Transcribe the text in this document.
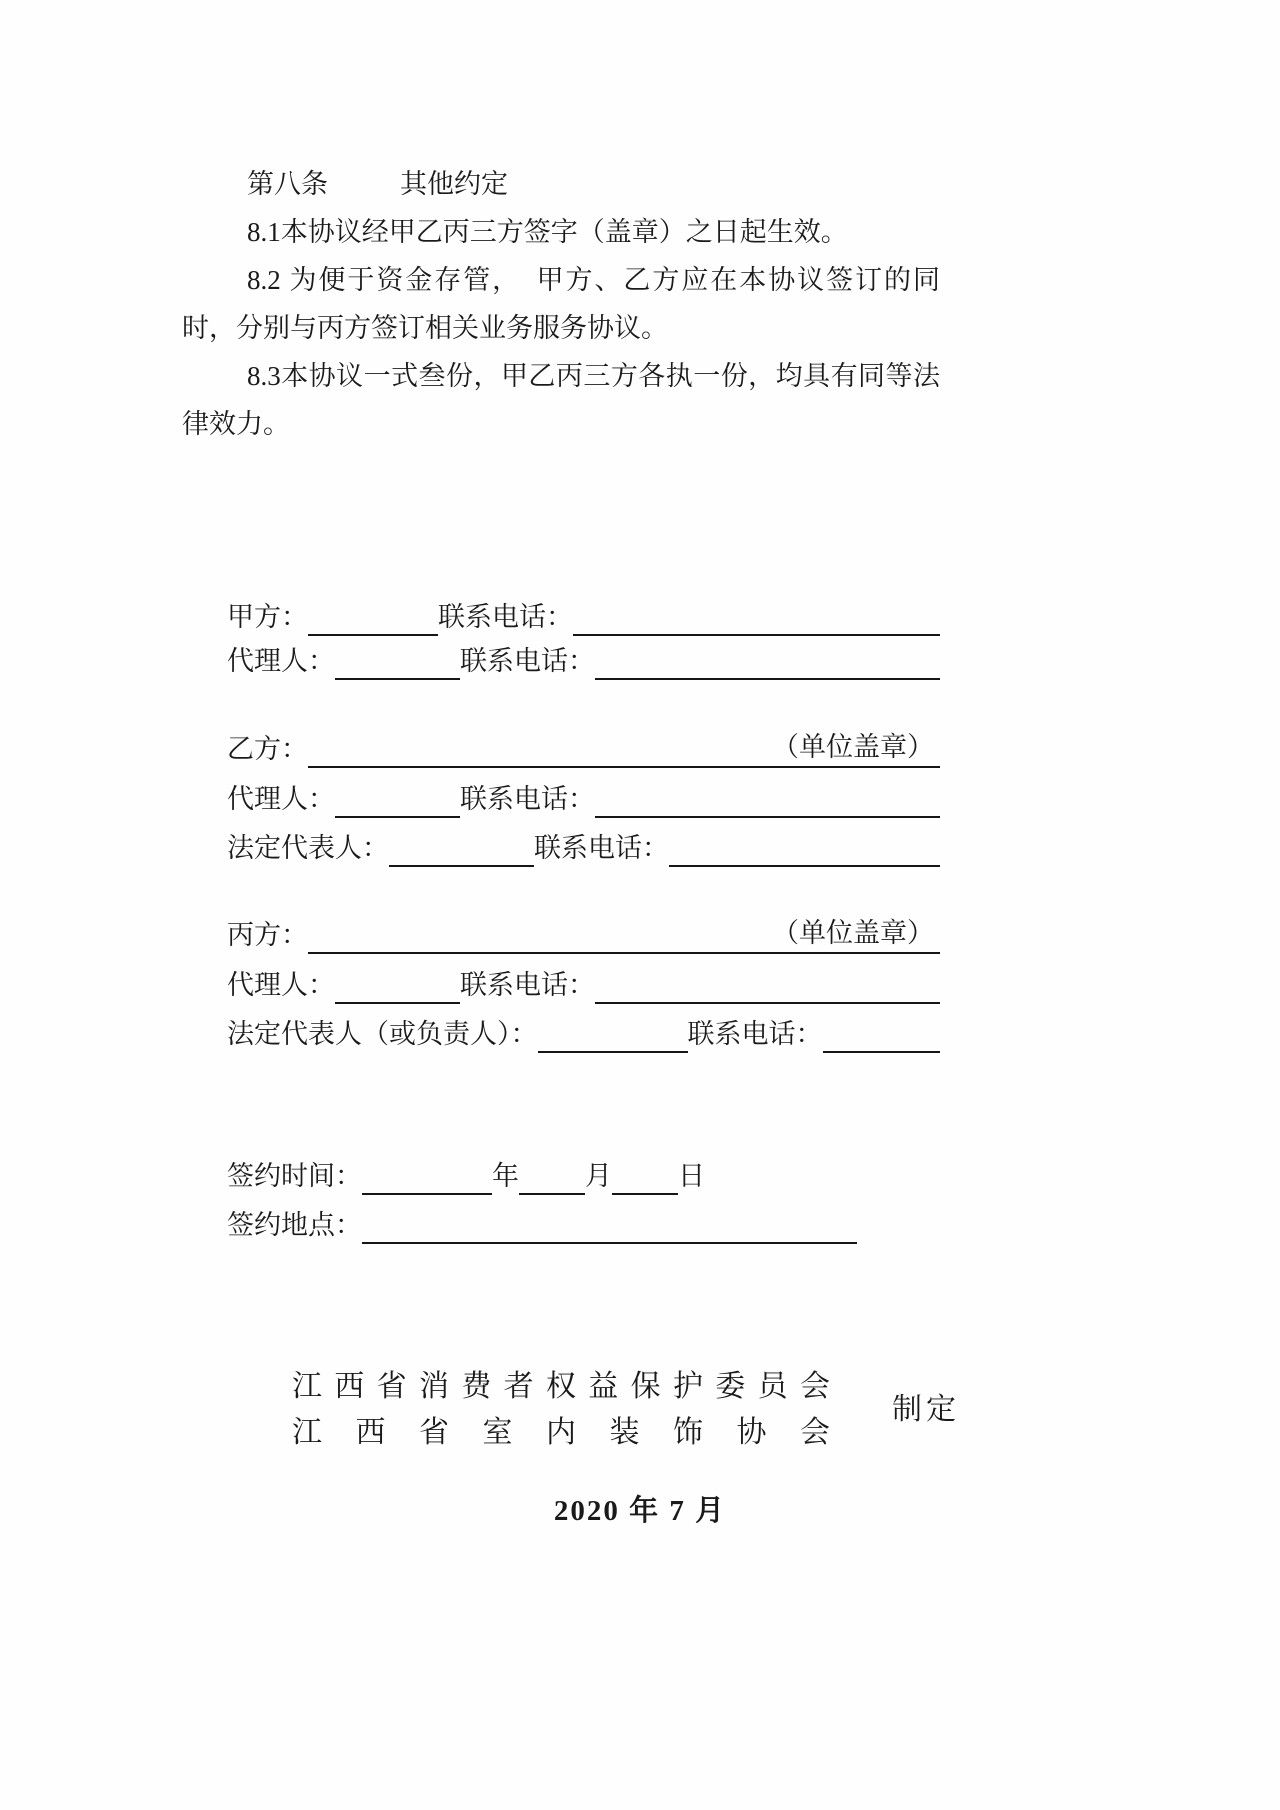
第八条	其他约定

8.1本协议经甲乙丙三方签字（盖章）之日起生效。

8.2 为便于资金存管，　甲方、乙方应在本协议签订的同时，分别与丙方签订相关业务服务协议。

8.3本协议一式叁份，甲乙丙三方各执一份，均具有同等法律效力。

甲方：	联系电话：
代理人：	联系电话：
乙方：	（单位盖章）
代理人：	联系电话：
法定代表人：	联系电话：
丙方：	（单位盖章）
代理人：	联系电话：
法定代表人（或负责人）：	联系电话：
签约时间：	年 月 日
签约地点：
江 西 省 消 费 者 权 益 保 护 委 员 会
江 西 省 室 内 装 饰 协 会
制定
2020 年 7 月
